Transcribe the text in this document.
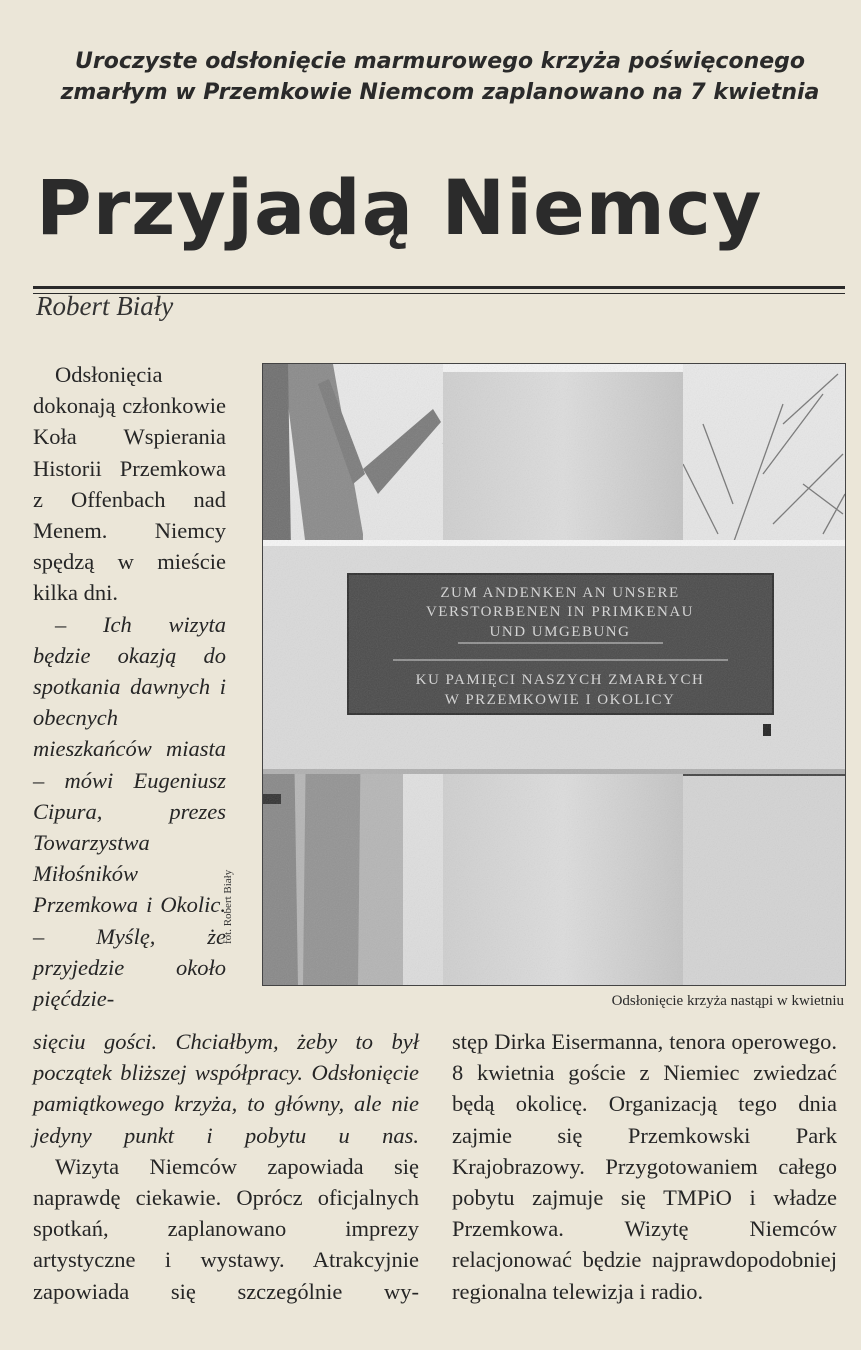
Uroczyste odsłonięcie marmurowego krzyża poświęconego zmarłym w Przemkowie Niemcom zaplanowano na 7 kwietnia
Przyjadą Niemcy
Robert Biały

Odsłonięcia dokonają członkowie Koła Wspierania Historii Przemkowa z Offenbach nad Menem. Niemcy spędzą w mieście kilka dni.

– Ich wizyta będzie okazją do spotkania dawnych i obecnych mieszkańców miasta – mówi Eugeniusz Cipura, prezes Towarzystwa Miłośników Przemkowa i Okolic. – Myślę, że przyjedzie około pięćdzie-

fot. Robert Biały
Odsłonięcie krzyża nastąpi w kwietniu

sięciu gości. Chciałbym, żeby to był początek bliższej współpracy. Odsłonięcie pamiątkowego krzyża, to główny, ale nie jedyny punkt i pobytu u nas.

Wizyta Niemców zapowiada się naprawdę ciekawie. Oprócz oficjalnych spotkań, zaplanowano imprezy artystyczne i wystawy. Atrakcyjnie zapowiada się szczególnie wy-

stęp Dirka Eisermanna, tenora operowego. 8 kwietnia goście z Niemiec zwiedzać będą okolicę. Organizacją tego dnia zajmie się Przemkowski Park Krajobrazowy. Przygotowaniem całego pobytu zajmuje się TMPiO i władze Przemkowa. Wizytę Niemców relacjonować będzie najprawdopodobniej regionalna telewizja i radio.
